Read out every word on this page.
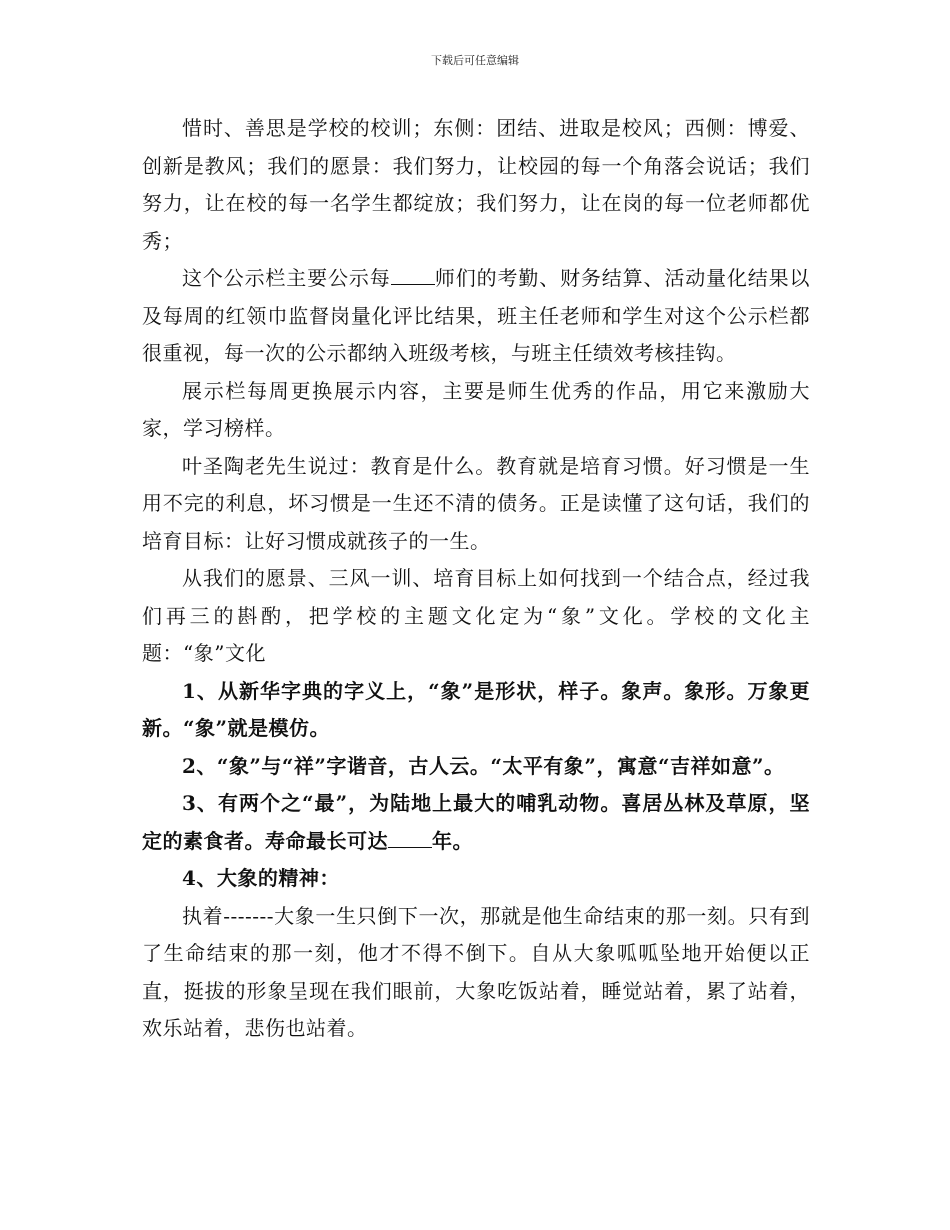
下载后可任意编辑

惜时、善思是学校的校训；东侧：团结、进取是校风；西侧：博爱、创新是教风；我们的愿景：我们努力，让校园的每一个角落会说话；我们努力，让在校的每一名学生都绽放；我们努力，让在岗的每一位老师都优秀；

这个公示栏主要公示每 师们的考勤、财务结算、活动量化结果以及每周的红领巾监督岗量化评比结果，班主任老师和学生对这个公示栏都很重视，每一次的公示都纳入班级考核，与班主任绩效考核挂钩。

展示栏每周更换展示内容，主要是师生优秀的作品，用它来激励大家，学习榜样。

叶圣陶老先生说过：教育是什么。教育就是培育习惯。好习惯是一生用不完的利息，坏习惯是一生还不清的债务。正是读懂了这句话，我们的培育目标：让好习惯成就孩子的一生。

从我们的愿景、三风一训、培育目标上如何找到一个结合点，经过我们再三的斟酌，把学校的主题文化定为“象”文化。学校的文化主题：“象”文化

1、从新华字典的字义上，“象”是形状，样子。象声。象形。万象更新。“象”就是模仿。

2、“象”与“祥”字谐音，古人云。“太平有象”，寓意“吉祥如意”。

3、有两个之“最”，为陆地上最大的哺乳动物。喜居丛林及草原，坚定的素食者。寿命最长可达 年。

4、大象的精神：

执着-------大象一生只倒下一次，那就是他生命结束的那一刻。只有到了生命结束的那一刻，他才不得不倒下。自从大象呱呱坠地开始便以正直，挺拔的形象呈现在我们眼前，大象吃饭站着，睡觉站着，累了站着，欢乐站着，悲伤也站着。
